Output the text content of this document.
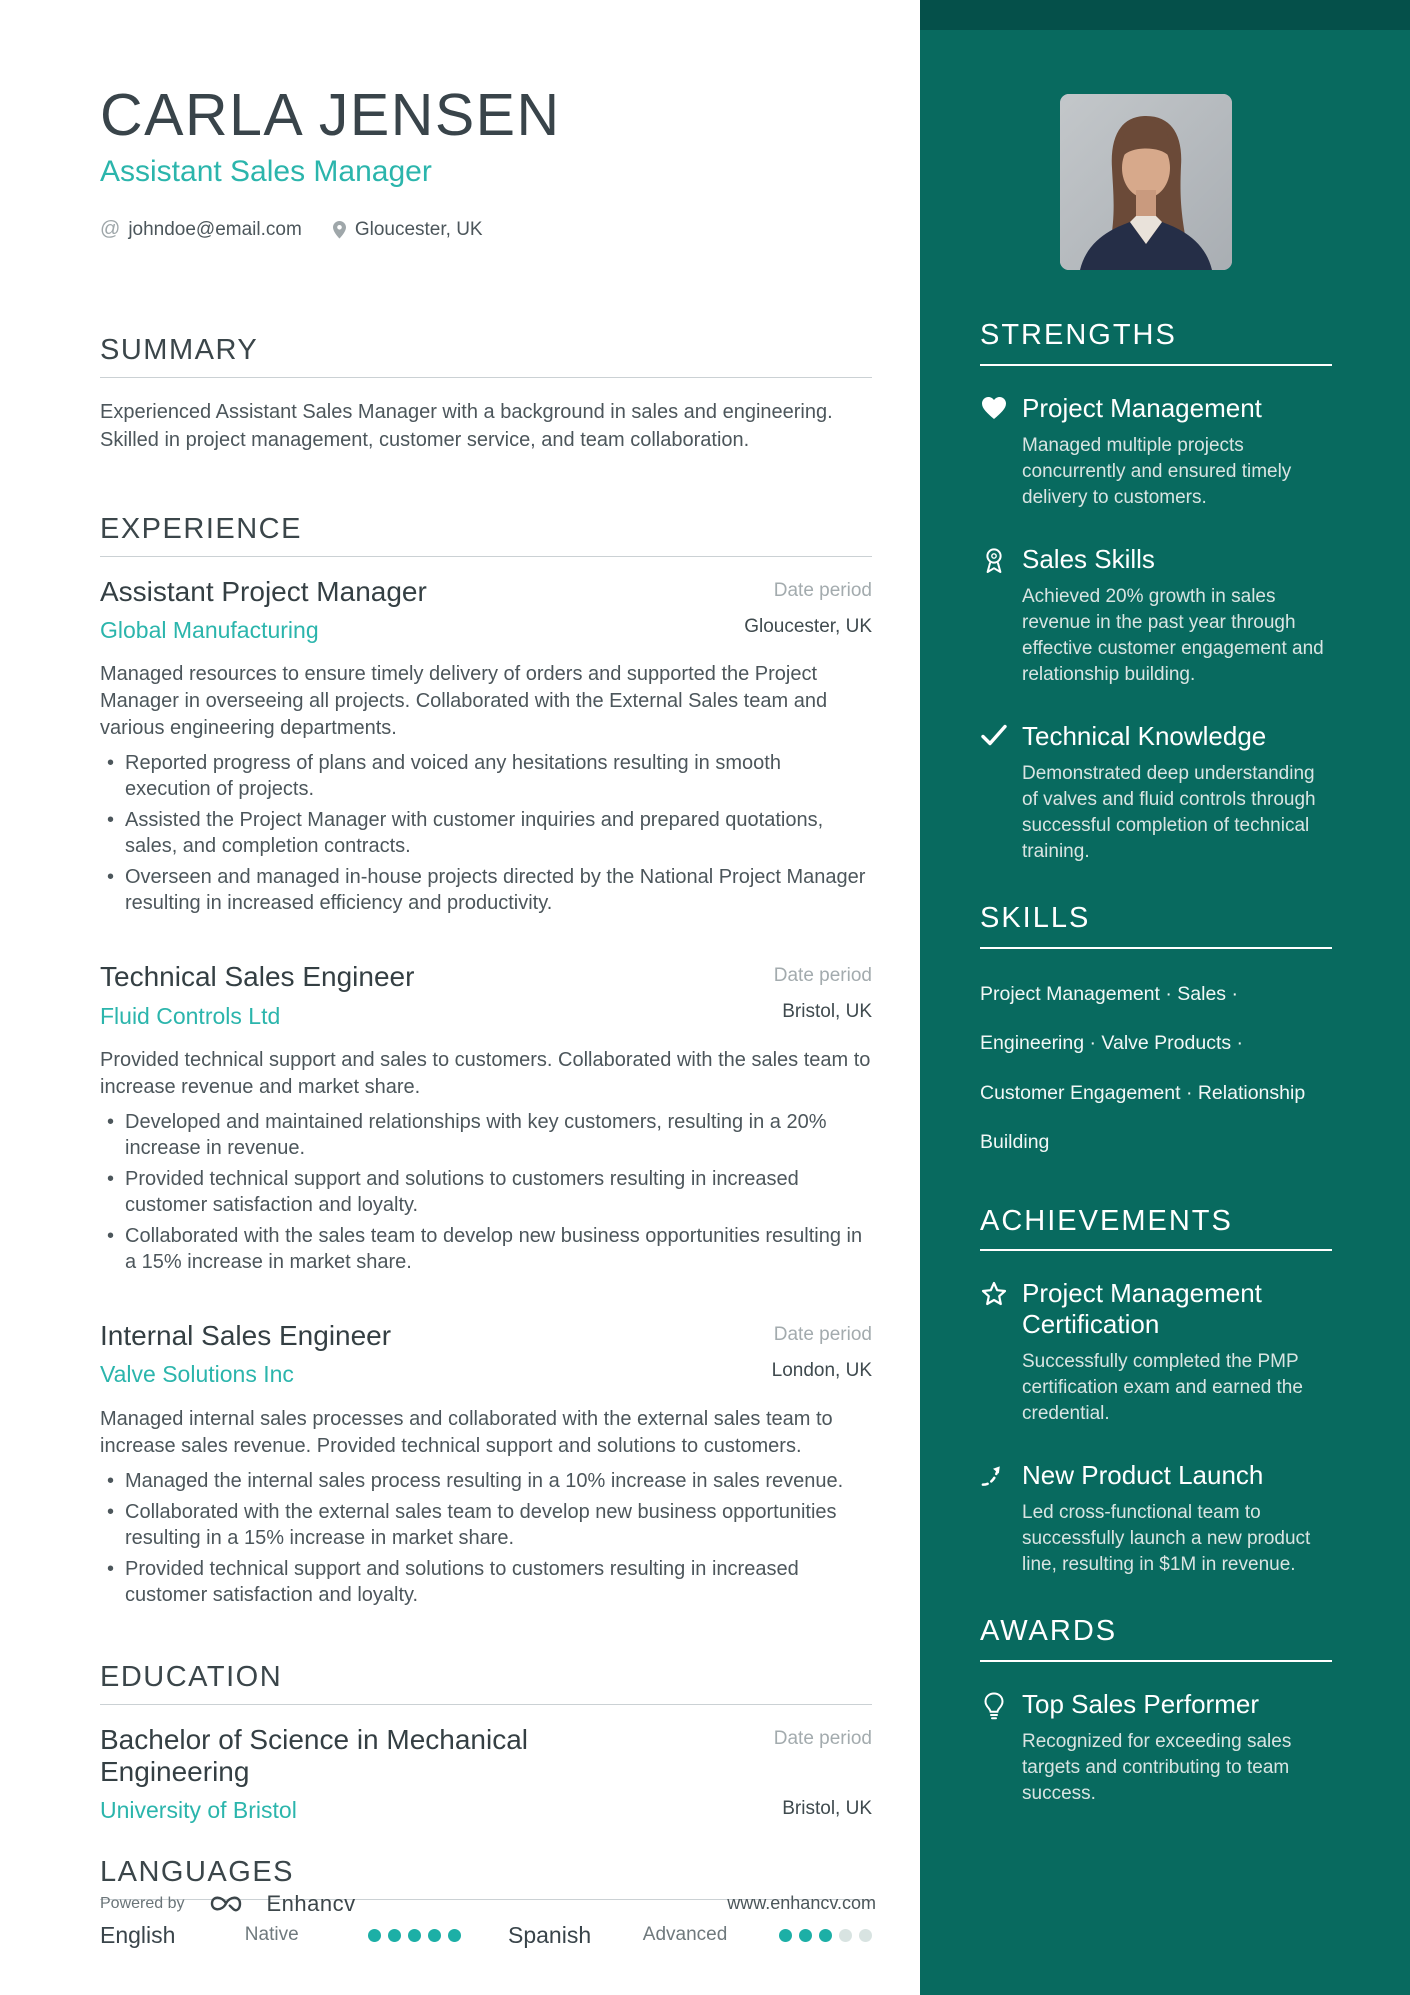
CARLA JENSEN
Assistant Sales Manager
@ johndoe@email.com	Gloucester, UK
SUMMARY
Experienced Assistant Sales Manager with a background in sales and engineering. Skilled in project management, customer service, and team collaboration.
EXPERIENCE
Assistant Project Manager
Global Manufacturing
Date period
Gloucester, UK
Managed resources to ensure timely delivery of orders and supported the Project Manager in overseeing all projects. Collaborated with the External Sales team and various engineering departments.
• Reported progress of plans and voiced any hesitations resulting in smooth execution of projects.
• Assisted the Project Manager with customer inquiries and prepared quotations, sales, and completion contracts.
• Overseen and managed in-house projects directed by the National Project Manager resulting in increased efficiency and productivity.
Technical Sales Engineer
Fluid Controls Ltd
Date period
Bristol, UK
Provided technical support and sales to customers. Collaborated with the sales team to increase revenue and market share.
• Developed and maintained relationships with key customers, resulting in a 20% increase in revenue.
• Provided technical support and solutions to customers resulting in increased customer satisfaction and loyalty.
• Collaborated with the sales team to develop new business opportunities resulting in a 15% increase in market share.
Internal Sales Engineer
Valve Solutions Inc
Date period
London, UK
Managed internal sales processes and collaborated with the external sales team to increase sales revenue. Provided technical support and solutions to customers.
• Managed the internal sales process resulting in a 10% increase in sales revenue.
• Collaborated with the external sales team to develop new business opportunities resulting in a 15% increase in market share.
• Provided technical support and solutions to customers resulting in increased customer satisfaction and loyalty.
EDUCATION
Bachelor of Science in Mechanical Engineering
University of Bristol
Date period
Bristol, UK
LANGUAGES
English	Native	Spanish	Advanced
Powered by	Enhancv	www.enhancv.com
STRENGTHS
Project Management
Managed multiple projects concurrently and ensured timely delivery to customers.
Sales Skills
Achieved 20% growth in sales revenue in the past year through effective customer engagement and relationship building.
Technical Knowledge
Demonstrated deep understanding of valves and fluid controls through successful completion of technical training.
SKILLS
Project Management · Sales · Engineering · Valve Products · Customer Engagement · Relationship Building
ACHIEVEMENTS
Project Management Certification
Successfully completed the PMP certification exam and earned the credential.
New Product Launch
Led cross-functional team to successfully launch a new product line, resulting in $1M in revenue.
AWARDS
Top Sales Performer
Recognized for exceeding sales targets and contributing to team success.
